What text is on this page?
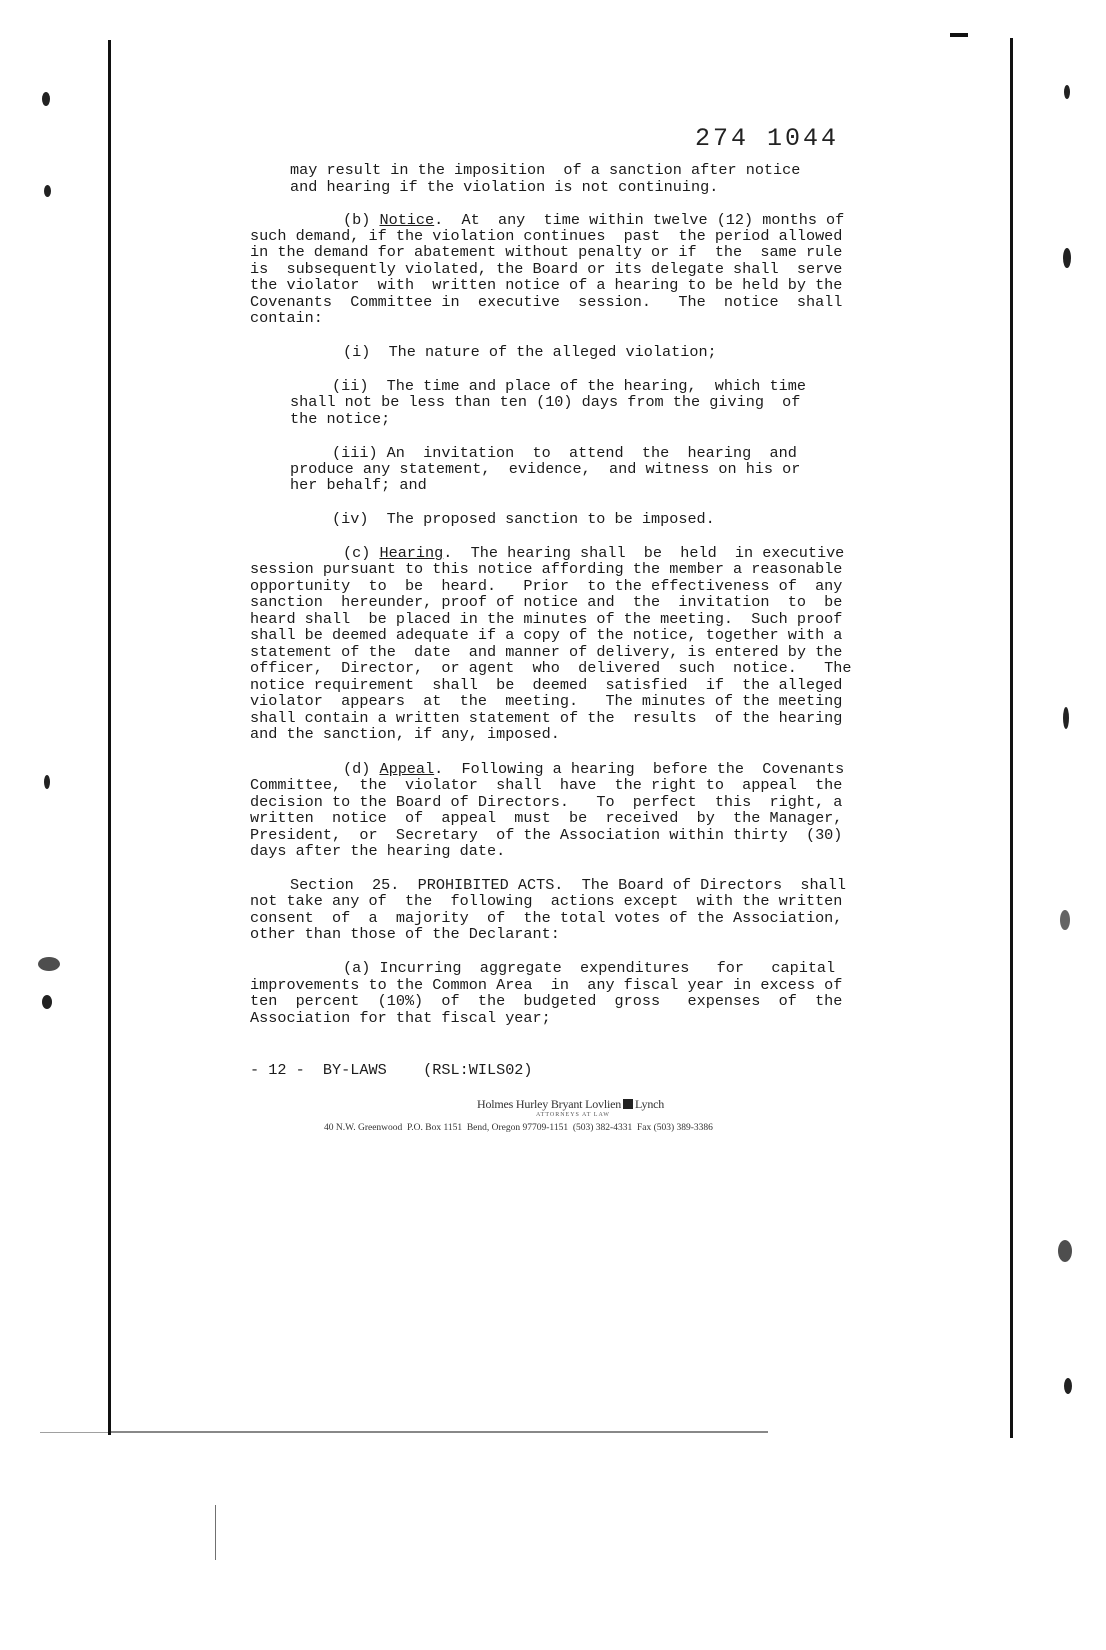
274 1044
may result in the imposition  of a sanction after notice
and hearing if the violation is not continuing.
(b) Notice.  At  any  time within twelve (12) months of
such demand, if the violation continues  past  the period allowed
in the demand for abatement without penalty or if  the  same rule
is  subsequently violated, the Board or its delegate shall  serve
the violator  with  written notice of a hearing to be held by the
Covenants  Committee in  executive  session.   The  notice  shall
contain:
(i)  The nature of the alleged violation;
(ii)  The time and place of the hearing,  which time
shall not be less than ten (10) days from the giving  of
the notice;
(iii) An  invitation  to  attend  the  hearing  and
produce any statement,  evidence,  and witness on his or
her behalf; and
(iv)  The proposed sanction to be imposed.
(c) Hearing.  The hearing shall  be  held  in executive
session pursuant to this notice affording the member a reasonable
opportunity  to  be  heard.   Prior  to the effectiveness of  any
sanction  hereunder, proof of notice and  the  invitation  to  be
heard shall  be placed in the minutes of the meeting.  Such proof
shall be deemed adequate if a copy of the notice, together with a
statement of the  date  and manner of delivery, is entered by the
officer,  Director,  or agent  who  delivered  such  notice.   The
notice requirement  shall  be  deemed  satisfied  if  the alleged
violator  appears  at  the  meeting.   The minutes of the meeting
shall contain a written statement of the  results  of the hearing
and the sanction, if any, imposed.
(d) Appeal.  Following a hearing  before the  Covenants
Committee,  the  violator  shall  have  the right to  appeal  the
decision to the Board of Directors.   To  perfect  this  right, a
written  notice  of  appeal  must  be  received  by  the Manager,
President,  or  Secretary  of the Association within thirty  (30)
days after the hearing date.
Section  25.  PROHIBITED ACTS.  The Board of Directors  shall
not take any of  the  following  actions except  with the written
consent  of  a  majority  of  the total votes of the Association,
other than those of the Declarant:
(a) Incurring  aggregate  expenditures   for   capital
improvements to the Common Area  in  any fiscal year in excess of
ten  percent  (10%)  of  the  budgeted  gross   expenses  of  the
Association for that fiscal year;
- 12 -  BY-LAWS    (RSL:WILS02)
Holmes Hurley Bryant Lovlien Lynch
ATTORNEYS AT LAW
40 N.W. Greenwood  P.O. Box 1151  Bend, Oregon 97709-1151  (503) 382-4331  Fax (503) 389-3386
